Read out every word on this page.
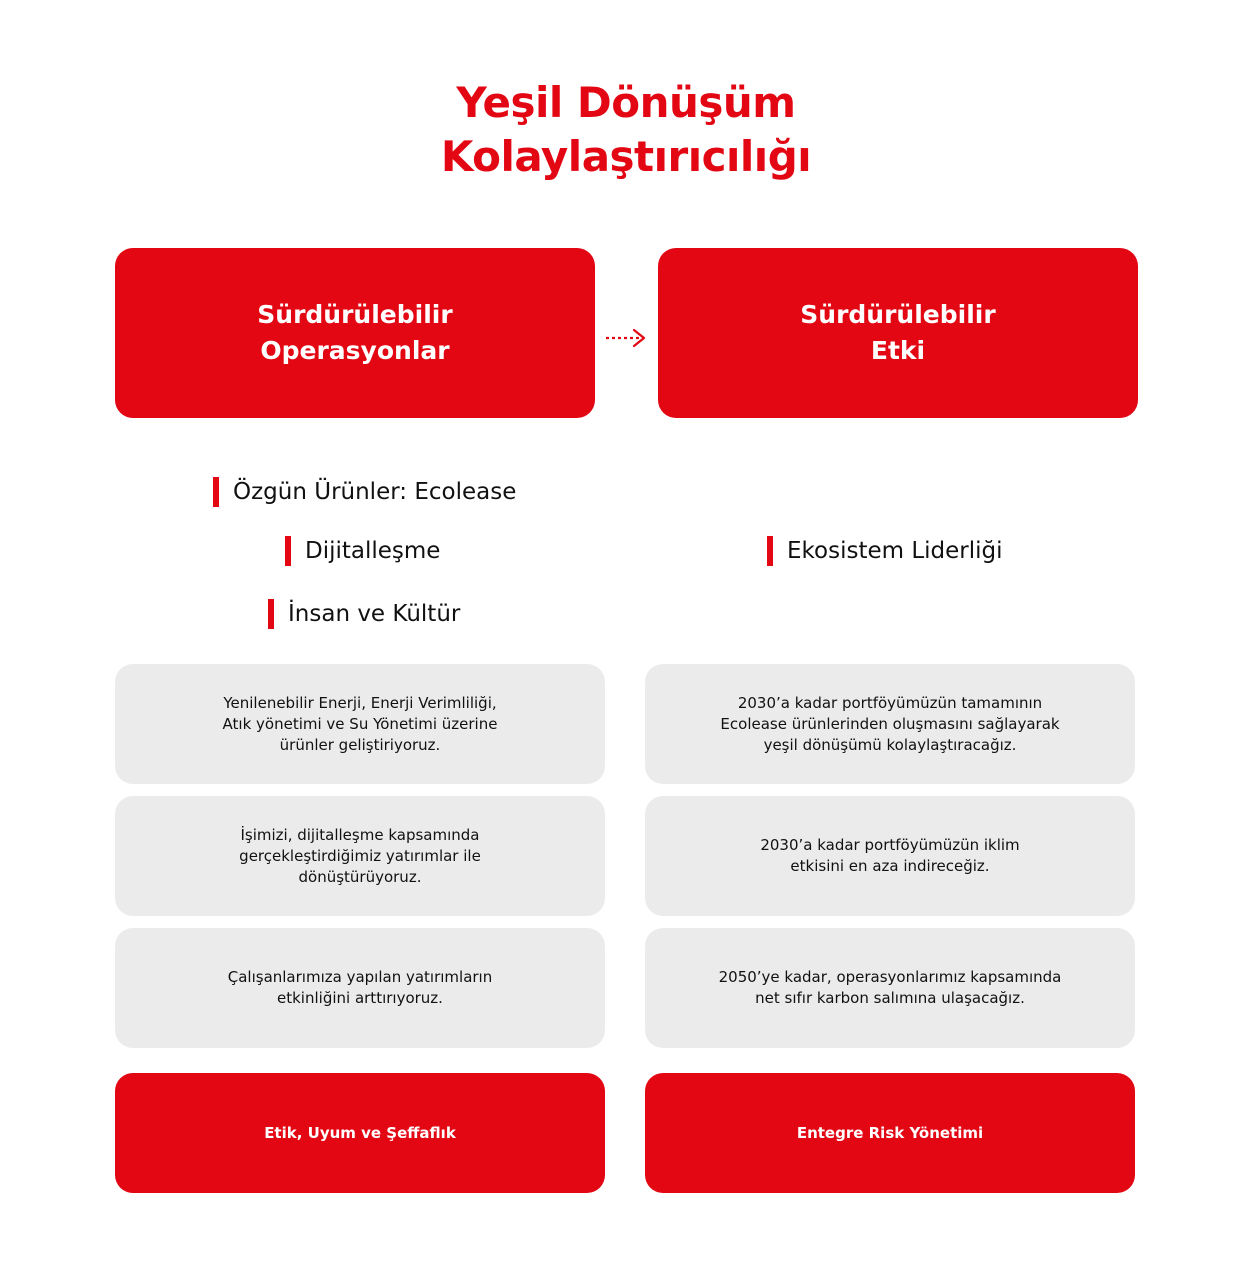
Yeşil Dönüşüm
Kolaylaştırıcılığı
Sürdürülebilir
Operasyonlar
Sürdürülebilir
Etki
Özgün Ürünler: Ecolease
Dijitalleşme
İnsan ve Kültür
Ekosistem Liderliği
Yenilenebilir Enerji, Enerji Verimliliği,
Atık yönetimi ve Su Yönetimi üzerine
ürünler geliştiriyoruz.
İşimizi, dijitalleşme kapsamında
gerçekleştirdiğimiz yatırımlar ile
dönüştürüyoruz.
Çalışanlarımıza yapılan yatırımların
etkinliğini arttırıyoruz.
2030’a kadar portföyümüzün tamamının
Ecolease ürünlerinden oluşmasını sağlayarak
yeşil dönüşümü kolaylaştıracağız.
2030’a kadar portföyümüzün iklim
etkisini en aza indireceğiz.
2050’ye kadar, operasyonlarımız kapsamında
net sıfır karbon salımına ulaşacağız.
Etik, Uyum ve Şeffaflık	Entegre Risk Yönetimi
